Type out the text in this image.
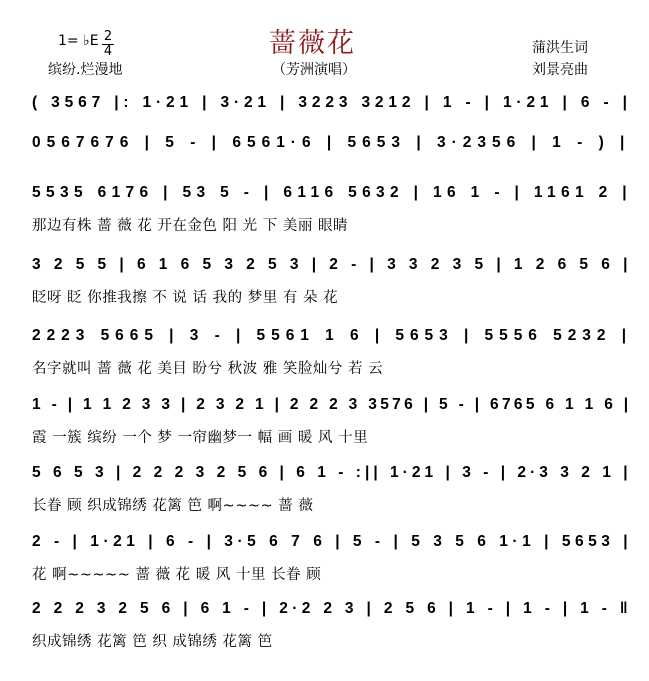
蔷薇花
（芳洲演唱）
1= ♭E 2
4
缤纷.烂漫地
蒲洪生词
刘景亮曲
( 3567 |: 1·21 | 3·21 | 3223 3212 | 1 - | 1·21 | 6 - |
0567676 | 5 - | 6561·6 | 5653 | 3·2356 | 1 - ) |
5535 6176 | 53 5 - | 6116 5632 | 16 1 - | 1161 2 |
那边有株 蔷 薇 花 开在金色 阳 光 下 美丽 眼睛
3 2 5 5 | 6 1 6 5 3 2 5 3 | 2 - | 3 3 2 3 5 | 1 2 6 5 6 |
眨呀 眨 你推我擦 不 说 话 我的 梦里 有 朵 花
2223 5665 | 3 - | 5561 1 6 | 5653 | 5556 5232 |
名字就叫 蔷 薇 花 美目 盼兮 秋波 雅 笑脸灿兮 若 云
1 - | 1 1 2 3 3 | 2 3 2 1 | 2 2 2 3 3576 | 5 - | 6765 6 1 1 6 |
霞 一簇 缤纷 一个 梦 一帘幽梦一 幅 画 暖 风 十里
5 6 5 3 | 2 2 2 3 2 5 6 | 6 1 - :|| 1·21 | 3 - | 2·3 3 2 1 |
长眷 顾 织成锦绣 花篱 笆 啊~~~~ 蔷 薇
2 - | 1·21 | 6 - | 3·5 6 7 6 | 5 - | 5 3 5 6 1·1 | 5653 |
花 啊~~~~~ 蔷 薇 花 暖 风 十里 长眷 顾
2 2 2 3 2 5 6 | 6 1 - | 2·2 2 3 | 2 5 6 | 1 - | 1 - | 1 - ‖
织成锦绣 花篱 笆 织 成锦绣 花篱 笆
